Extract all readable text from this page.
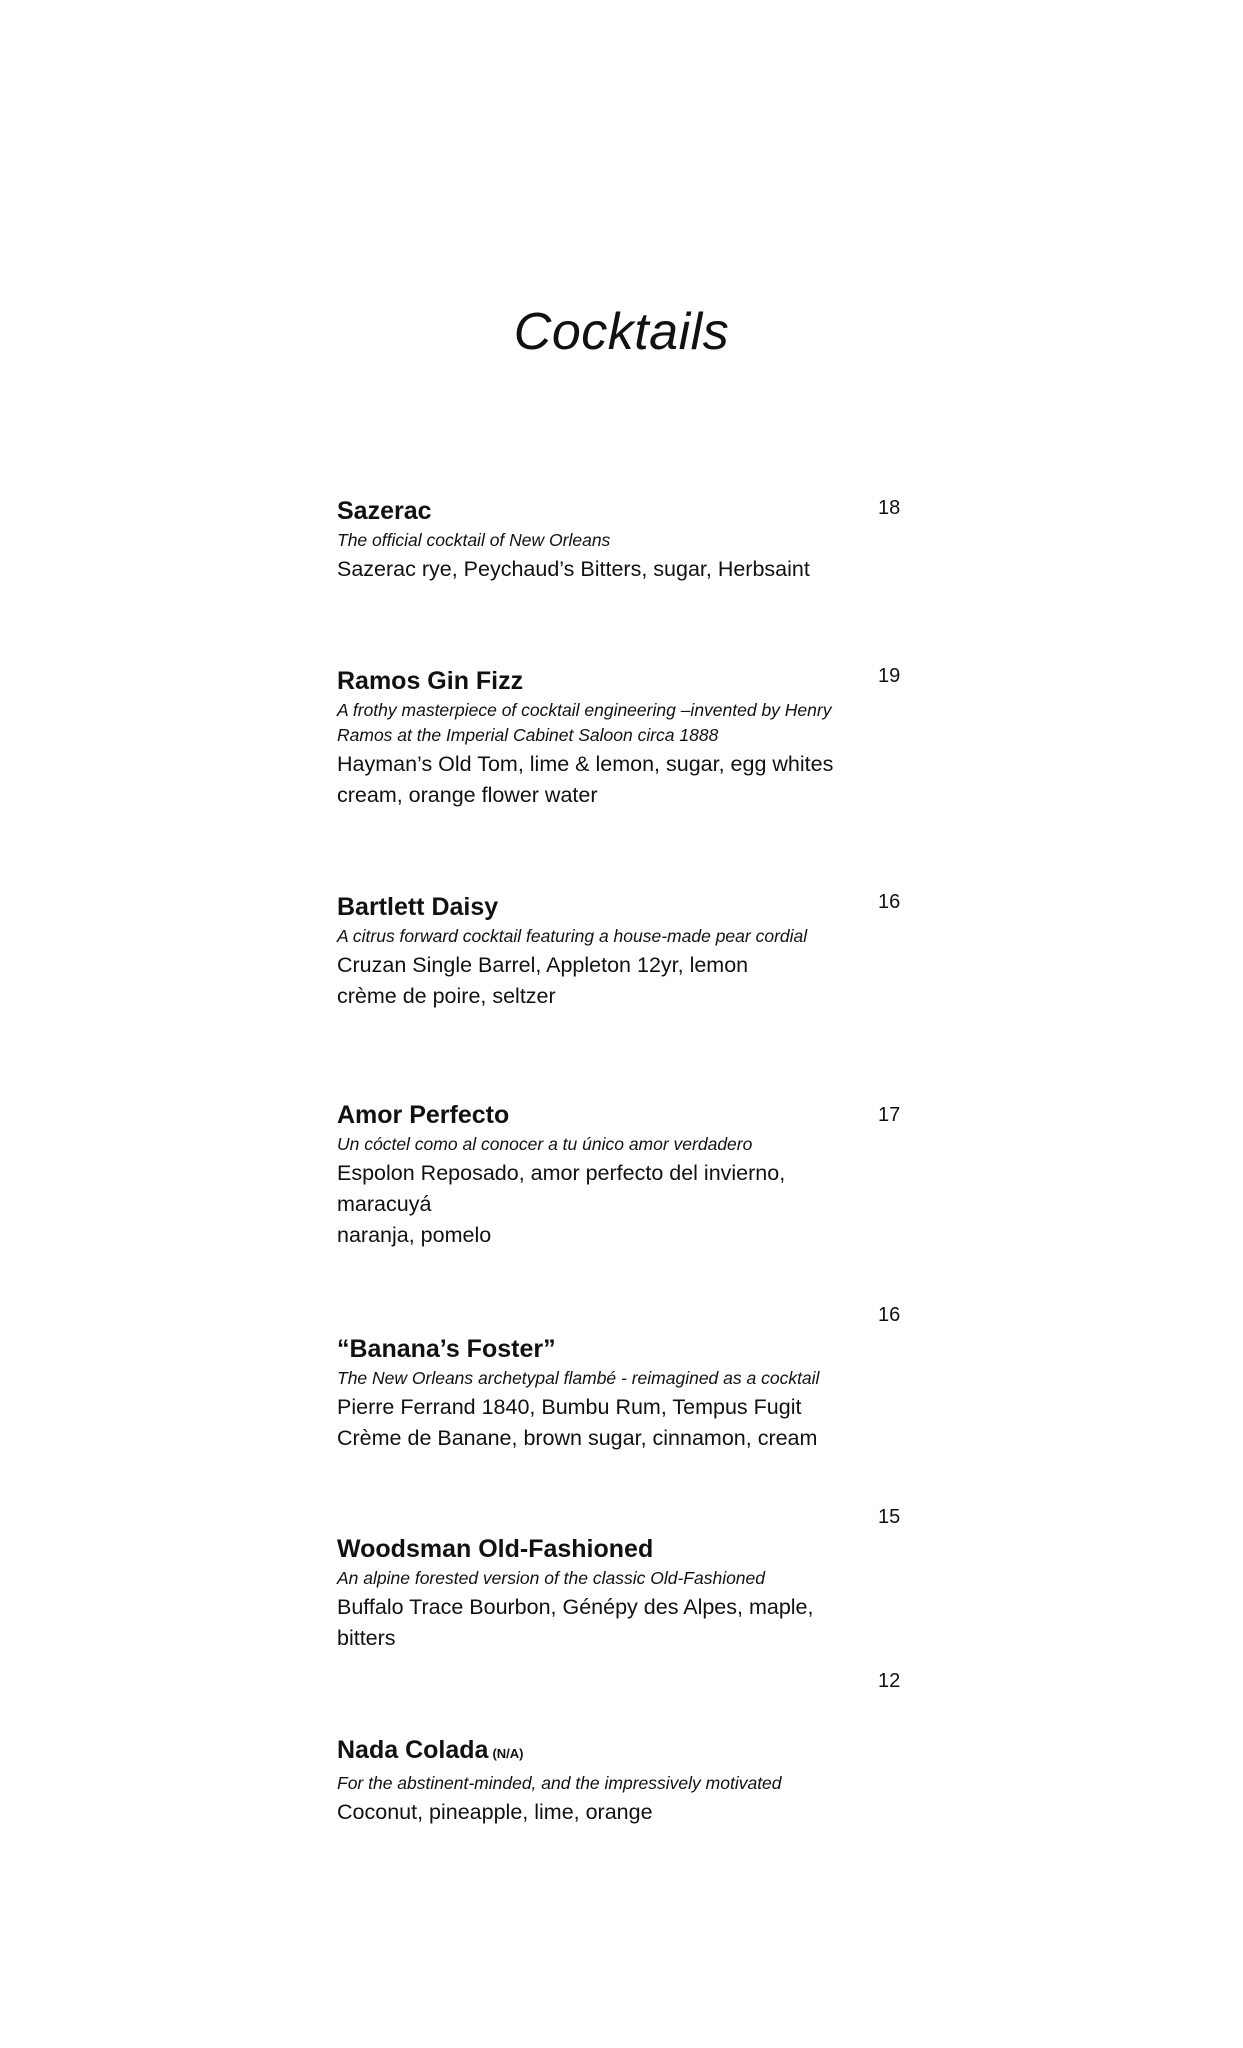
Cocktails
Sazerac
The official cocktail of New Orleans
Sazerac rye, Peychaud’s Bitters, sugar, Herbsaint
18
Ramos Gin Fizz
A frothy masterpiece of cocktail engineering –invented by Henry Ramos at the Imperial Cabinet Saloon circa 1888
Hayman’s Old Tom, lime & lemon, sugar, egg whites
cream, orange flower water
19
Bartlett Daisy
A citrus forward cocktail featuring a house-made pear cordial
Cruzan Single Barrel, Appleton 12yr, lemon
crème de poire, seltzer
16
Amor Perfecto
Un cóctel como al conocer a tu único amor verdadero
Espolon Reposado, amor perfecto del invierno, maracuyá
naranja, pomelo
17
“Banana’s Foster”
The New Orleans archetypal flambé - reimagined as a cocktail
Pierre Ferrand 1840, Bumbu Rum, Tempus Fugit
Crème de Banane, brown sugar, cinnamon, cream
16
Woodsman Old-Fashioned
An alpine forested version of the classic Old-Fashioned
Buffalo Trace Bourbon, Génépy des Alpes, maple, bitters
15
Nada Colada (N/A)
For the abstinent-minded, and the impressively motivated
Coconut, pineapple, lime, orange
12
